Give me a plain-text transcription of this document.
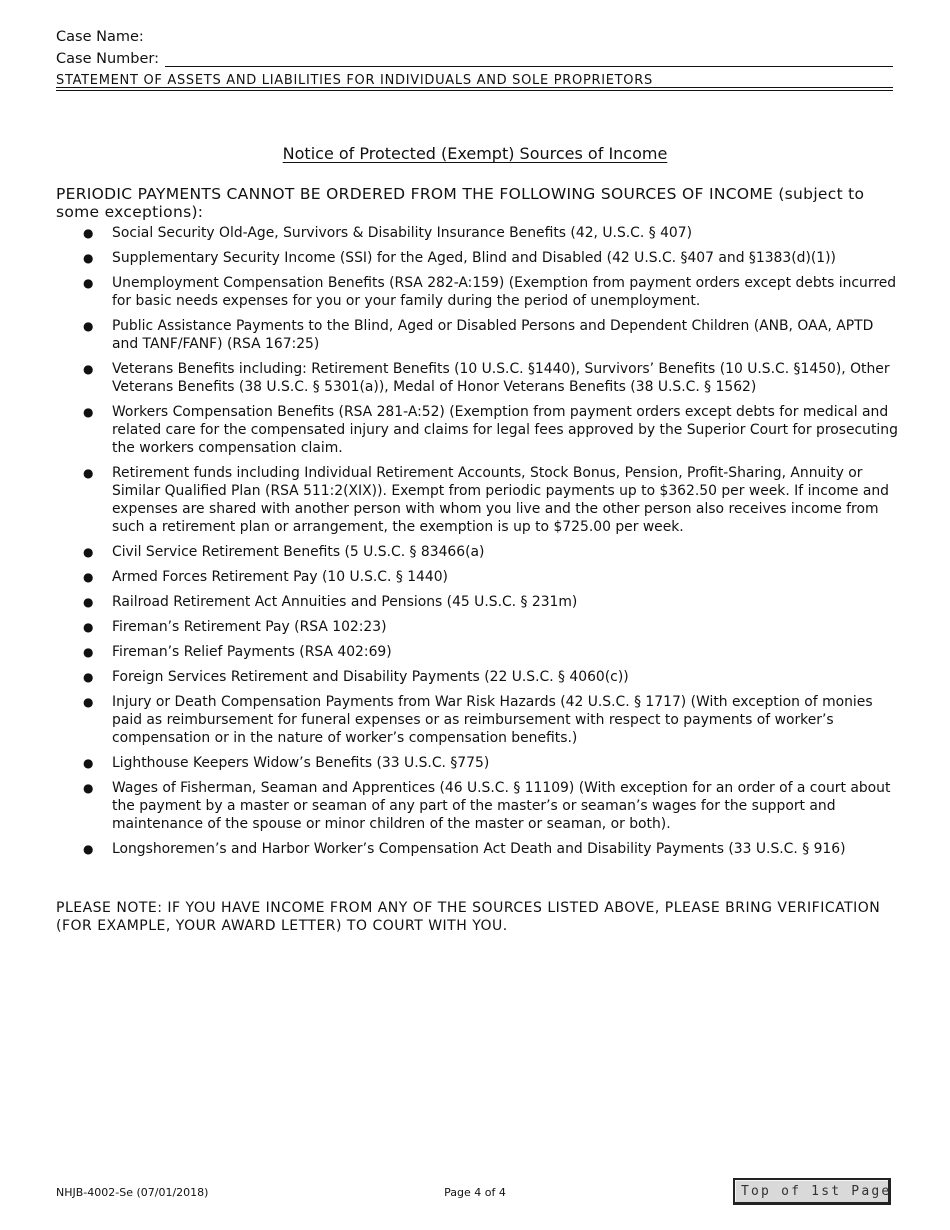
Case Name:
Case Number:
STATEMENT OF ASSETS AND LIABILITIES FOR INDIVIDUALS AND SOLE PROPRIETORS
Notice of Protected (Exempt) Sources of Income
PERIODIC PAYMENTS CANNOT BE ORDERED FROM THE FOLLOWING SOURCES OF INCOME (subject to some exceptions):
● Social Security Old-Age, Survivors & Disability Insurance Benefits (42, U.S.C. § 407)
● Supplementary Security Income (SSI) for the Aged, Blind and Disabled (42 U.S.C. §407 and §1383(d)(1))
● Unemployment Compensation Benefits (RSA 282-A:159) (Exemption from payment orders except debts incurred for basic needs expenses for you or your family during the period of unemployment.
● Public Assistance Payments to the Blind, Aged or Disabled Persons and Dependent Children (ANB, OAA, APTD and TANF/FANF) (RSA 167:25)
● Veterans Benefits including: Retirement Benefits (10 U.S.C. §1440), Survivors’ Benefits (10 U.S.C. §1450), Other Veterans Benefits (38 U.S.C. § 5301(a)), Medal of Honor Veterans Benefits (38 U.S.C. § 1562)
● Workers Compensation Benefits (RSA 281-A:52) (Exemption from payment orders except debts for medical and related care for the compensated injury and claims for legal fees approved by the Superior Court for prosecuting the workers compensation claim.
● Retirement funds including Individual Retirement Accounts, Stock Bonus, Pension, Profit-Sharing, Annuity or Similar Qualified Plan (RSA 511:2(XIX)). Exempt from periodic payments up to $362.50 per week. If income and expenses are shared with another person with whom you live and the other person also receives income from such a retirement plan or arrangement, the exemption is up to $725.00 per week.
● Civil Service Retirement Benefits (5 U.S.C. § 83466(a)
● Armed Forces Retirement Pay (10 U.S.C. § 1440)
● Railroad Retirement Act Annuities and Pensions (45 U.S.C. § 231m)
● Fireman’s Retirement Pay (RSA 102:23)
● Fireman’s Relief Payments (RSA 402:69)
● Foreign Services Retirement and Disability Payments (22 U.S.C. § 4060(c))
● Injury or Death Compensation Payments from War Risk Hazards (42 U.S.C. § 1717) (With exception of monies paid as reimbursement for funeral expenses or as reimbursement with respect to payments of worker’s compensation or in the nature of worker’s compensation benefits.)
● Lighthouse Keepers Widow’s Benefits (33 U.S.C. §775)
● Wages of Fisherman, Seaman and Apprentices (46 U.S.C. § 11109) (With exception for an order of a court about the payment by a master or seaman of any part of the master’s or seaman’s wages for the support and maintenance of the spouse or minor children of the master or seaman, or both).
● Longshoremen’s and Harbor Worker’s Compensation Act Death and Disability Payments (33 U.S.C. § 916)
PLEASE NOTE: IF YOU HAVE INCOME FROM ANY OF THE SOURCES LISTED ABOVE, PLEASE BRING VERIFICATION (FOR EXAMPLE, YOUR AWARD LETTER) TO COURT WITH YOU.
NHJB-4002-Se (07/01/2018)	Page 4 of 4	Top of 1st Page
